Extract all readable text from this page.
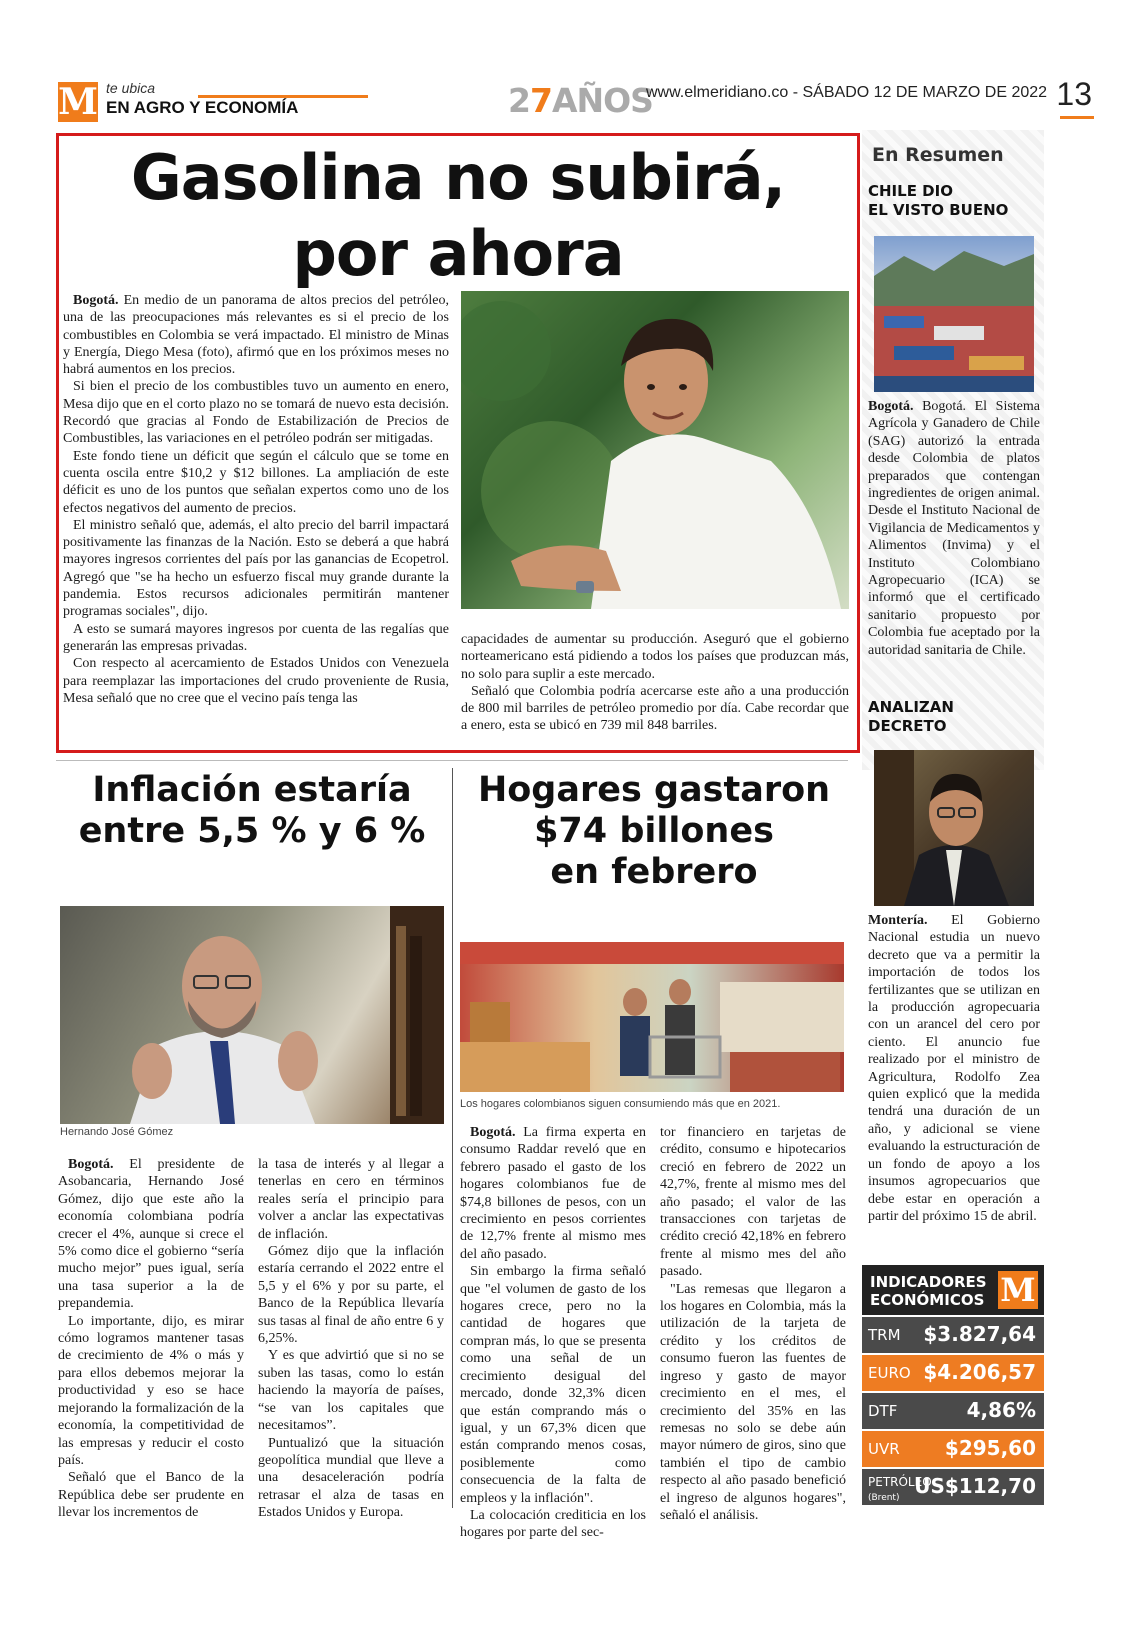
M te ubica
EN AGRO Y ECONOMÍA	27AÑOS
www.elmeridiano.co - SÁBADO 12 DE MARZO DE 2022 13
Gasolina no subirá,
por ahora

Bogotá. En medio de un panorama de altos precios del petróleo, una de las preocupaciones más relevantes es si el precio de los combustibles en Colombia se verá impactado. El ministro de Minas y Energía, Diego Mesa (foto), afirmó que en los próximos meses no habrá aumentos en los precios.

Si bien el precio de los combustibles tuvo un aumento en enero, Mesa dijo que en el corto plazo no se tomará de nuevo esta decisión. Recordó que gracias al Fondo de Estabilización de Precios de Combustibles, las variaciones en el petróleo podrán ser mitigadas.

Este fondo tiene un déficit que según el cálculo que se tome en cuenta oscila entre $10,2 y $12 billones. La ampliación de este déficit es uno de los puntos que señalan expertos como uno de los efectos negativos del aumento de precios.

El ministro señaló que, además, el alto precio del barril impactará positivamente las finanzas de la Nación. Esto se deberá a que habrá mayores ingresos corrientes del país por las ganancias de Ecopetrol. Agregó que "se ha hecho un esfuerzo fiscal muy grande durante la pandemia. Estos recursos adicionales permitirán mantener programas sociales", dijo.

A esto se sumará mayores ingresos por cuenta de las regalías que generarán las empresas privadas.

Con respecto al acercamiento de Estados Unidos con Venezuela para reemplazar las importaciones del crudo proveniente de Rusia, Mesa señaló que no cree que el vecino país tenga las

capacidades de aumentar su producción. Aseguró que el gobierno norteamericano está pidiendo a todos los países que produzcan más, no solo para suplir a este mercado.

Señaló que Colombia podría acercarse este año a una producción de 800 mil barriles de petróleo promedio por día. Cabe recordar que a enero, esta se ubicó en 739 mil 848 barriles.

En Resumen
CHILE DIO
EL VISTO BUENO
Bogotá. Bogotá. El Sistema Agrícola y Ganadero de Chile (SAG) autorizó la entrada desde Colombia de platos preparados que contengan ingredientes de origen animal. Desde el Instituto Nacional de Vigilancia de Medicamentos y Alimentos (Invima) y el Instituto Colombiano Agropecuario (ICA) se informó que el certificado sanitario propuesto por Colombia fue aceptado por la autoridad sanitaria de Chile.
ANALIZAN
DECRETO
Montería. El Gobierno Nacional estudia un nuevo decreto que va a permitir la importación de todos los fertilizantes que se utilizan en la producción agropecuaria con un arancel del cero por ciento. El anuncio fue realizado por el ministro de Agricultura, Rodolfo Zea quien explicó que la medida tendrá una duración de un año, y adicional se viene evaluando la estructuración de un fondo de apoyo a los insumos agropecuarios que debe estar en operación a partir del próximo 15 de abril.
INDICADORES
ECONÓMICOS M
TRM $3.827,64
EURO $4.206,57
DTF	4,86%
UVR $295,60
PETRÓLEO
(Brent) US$112,70
Inflación estaría
entre 5,5 % y 6 %
Hernando José Gómez

Bogotá. El presidente de Asobancaria, Hernando José Gómez, dijo que este año la economía colombiana podría crecer el 4%, aunque si crece el 5% como dice el gobierno “sería mucho mejor” pues igual, sería una tasa superior a la de prepandemia.

Lo importante, dijo, es mirar cómo logramos mantener tasas de crecimiento de 4% o más y para ellos debemos mejorar la productividad y eso se hace mejorando la formalización de la economía, la competitividad de las empresas y reducir el costo país.

Señaló que el Banco de la República debe ser prudente en llevar los incrementos de

la tasa de interés y al llegar a tenerlas en cero en términos reales sería el principio para volver a anclar las expectativas de inflación.

Gómez dijo que la inflación estaría cerrando el 2022 entre el 5,5 y el 6% y por su parte, el Banco de la República llevaría sus tasas al final de año entre 6 y 6,25%.

Y es que advirtió que si no se suben las tasas, como lo están haciendo la mayoría de países, “se van los capitales que necesitamos”.

Puntualizó que la situación geopolítica mundial que lleve a una desaceleración podría retrasar el alza de tasas en Estados Unidos y Europa.

Hogares gastaron
$74 billones
en febrero
Los hogares colombianos siguen consumiendo más que en 2021.

Bogotá. La firma experta en consumo Raddar reveló que en febrero pasado el gasto de los hogares colombianos fue de $74,8 billones de pesos, con un crecimiento en pesos corrientes de 12,7% frente al mismo mes del año pasado.

Sin embargo la firma señaló que "el volumen de gasto de los hogares crece, pero no la cantidad de hogares que compran más, lo que se presenta como una señal de un crecimiento desigual del mercado, donde 32,3% dicen que están comprando más o igual, y un 67,3% dicen que están comprando menos cosas, posiblemente como consecuencia de la falta de empleos y la inflación".

La colocación crediticia en los hogares por parte del sec-

tor financiero en tarjetas de crédito, consumo e hipotecarios creció en febrero de 2022 un 42,7%, frente al mismo mes del año pasado; el valor de las transacciones con tarjetas de crédito creció 42,18% en febrero frente al mismo mes del año pasado.

"Las remesas que llegaron a los hogares en Colombia, más la utilización de la tarjeta de crédito y los créditos de consumo fueron las fuentes de ingreso y gasto de mayor crecimiento en el mes, el crecimiento del 35% en las remesas no solo se debe aún mayor número de giros, sino que también el tipo de cambio respecto al año pasado benefició el ingreso de algunos hogares", señaló el análisis.
